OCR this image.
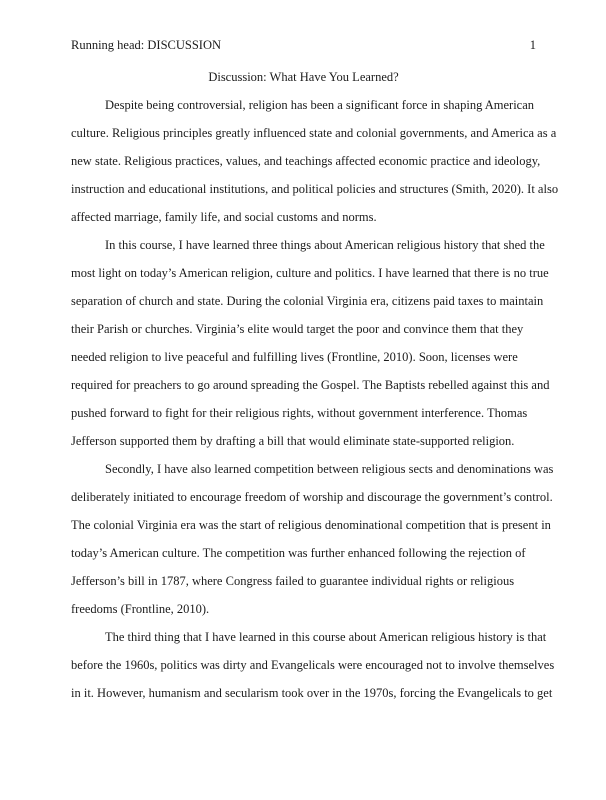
Running head: DISCUSSION	1
Discussion: What Have You Learned?
Despite being controversial, religion has been a significant force in shaping American
culture. Religious principles greatly influenced state and colonial governments, and America as a
new state. Religious practices, values, and teachings affected economic practice and ideology,
instruction and educational institutions, and political policies and structures (Smith, 2020). It also
affected marriage, family life, and social customs and norms.
In this course, I have learned three things about American religious history that shed the
most light on today’s American religion, culture and politics. I have learned that there is no true
separation of church and state. During the colonial Virginia era, citizens paid taxes to maintain
their Parish or churches. Virginia’s elite would target the poor and convince them that they
needed religion to live peaceful and fulfilling lives (Frontline, 2010). Soon, licenses were
required for preachers to go around spreading the Gospel. The Baptists rebelled against this and
pushed forward to fight for their religious rights, without government interference. Thomas
Jefferson supported them by drafting a bill that would eliminate state-supported religion.
Secondly, I have also learned competition between religious sects and denominations was
deliberately initiated to encourage freedom of worship and discourage the government’s control.
The colonial Virginia era was the start of religious denominational competition that is present in
today’s American culture. The competition was further enhanced following the rejection of
Jefferson’s bill in 1787, where Congress failed to guarantee individual rights or religious
freedoms (Frontline, 2010).
The third thing that I have learned in this course about American religious history is that
before the 1960s, politics was dirty and Evangelicals were encouraged not to involve themselves
in it. However, humanism and secularism took over in the 1970s, forcing the Evangelicals to get
